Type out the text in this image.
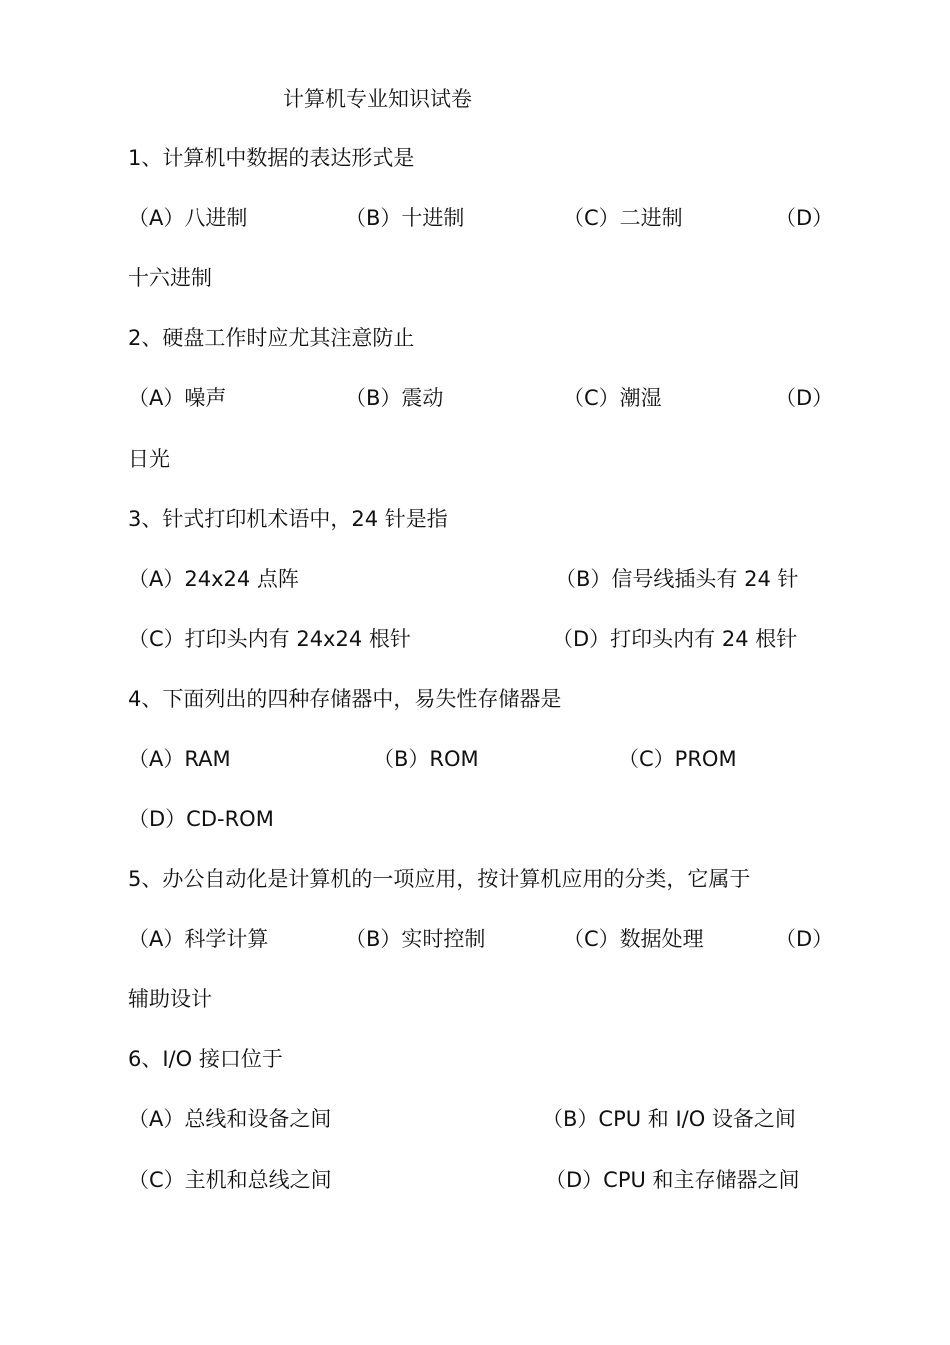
计算机专业知识试卷
1、计算机中数据的表达形式是
（A）八进制	（B）十进制	（C）二进制	（D）
十六进制
2、硬盘工作时应尤其注意防止
（A）噪声	（B）震动	（C）潮湿	（D）
日光
3、针式打印机术语中，24 针是指
（A）24x24 点阵	（B）信号线插头有 24 针
（C）打印头内有 24x24 根针	（D）打印头内有 24 根针
4、下面列出的四种存储器中，易失性存储器是
（A）RAM	（B）ROM	（C）PROM
（D）CD-ROM
5、办公自动化是计算机的一项应用，按计算机应用的分类，它属于
（A）科学计算	（B）实时控制	（C）数据处理	（D）
辅助设计
6、I/O 接口位于
（A）总线和设备之间	（B）CPU 和 I/O 设备之间
（C）主机和总线之间	（D）CPU 和主存储器之间
